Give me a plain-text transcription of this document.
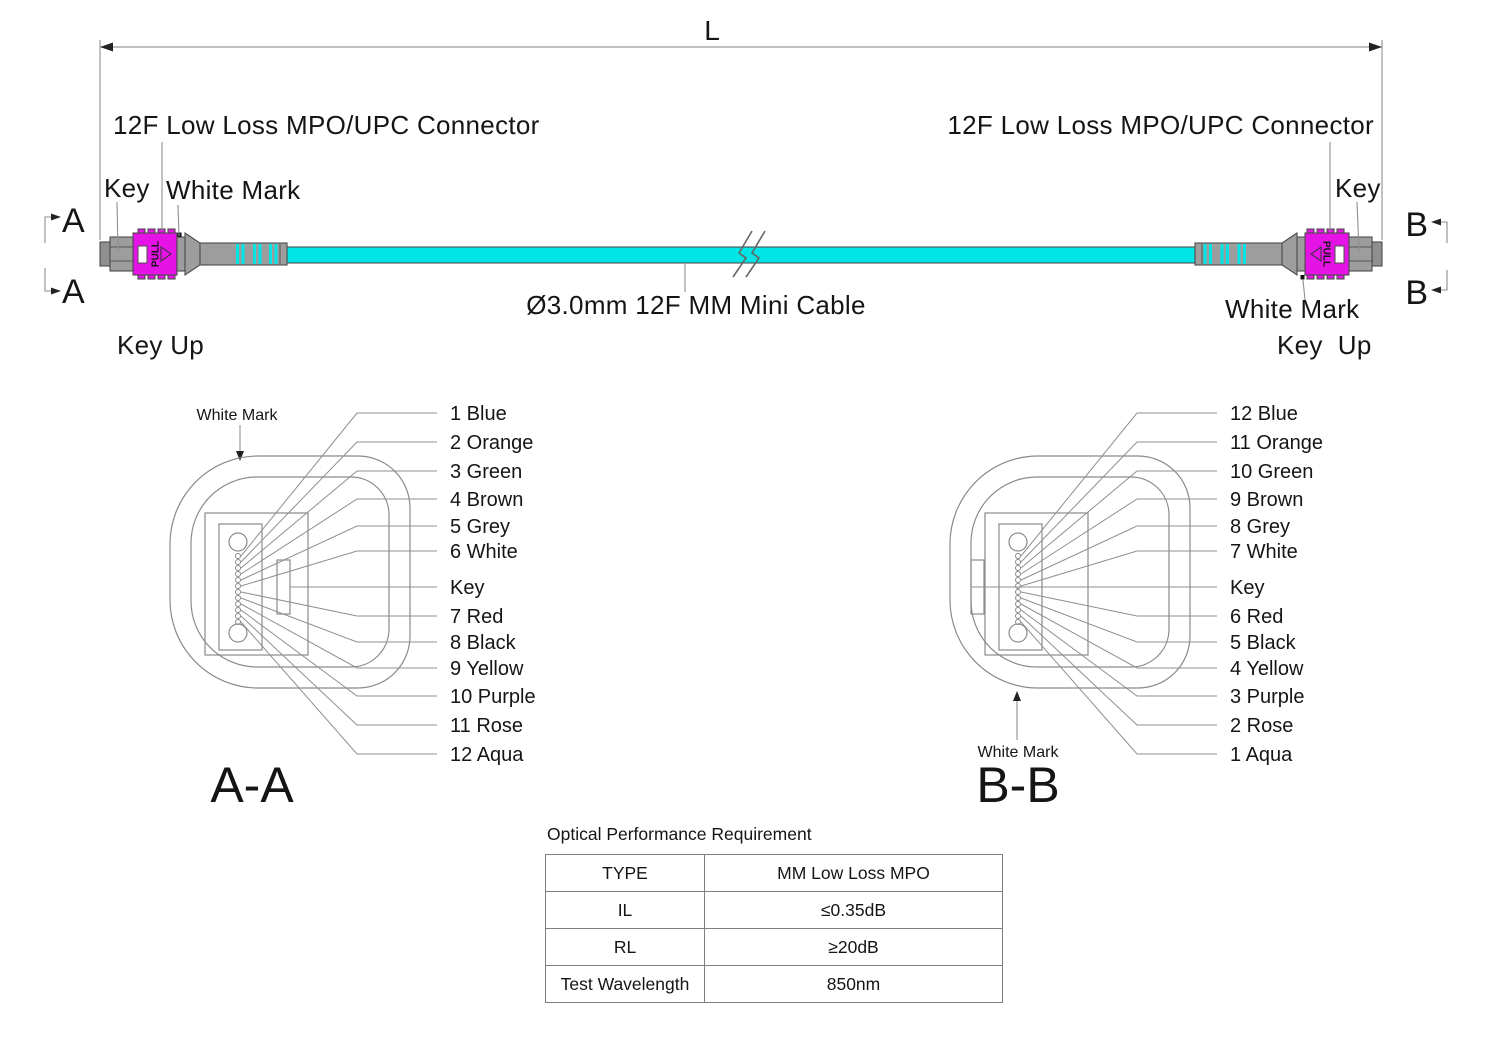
L
Ø3.0mm 12F MM Mini Cable
PULL
12F Low Loss MPO/UPC Connector
Key White Mark
Key Up
A
A
PULL
12F Low Loss MPO/UPC Connector
Key
White Mark
Key  Up
B
B
White Mark	1 Blue
2 Orange
3 Green
4 Brown
5 Grey
6 White
Key
7 Red
8 Black
9 Yellow
10 Purple
11 Rose
12 Aqua
A-A
12 Blue
11 Orange
10 Green
9 Brown
8 Grey
7 White
Key
6 Red
5 Black
4 Yellow
3 Purple
2 Rose
1 Aqua
White Mark
B-B
Optical Performance Requirement
TYPE	MM Low Loss MPO
IL	≤0.35dB
RL	≥20dB
Test Wavelength	850nm
